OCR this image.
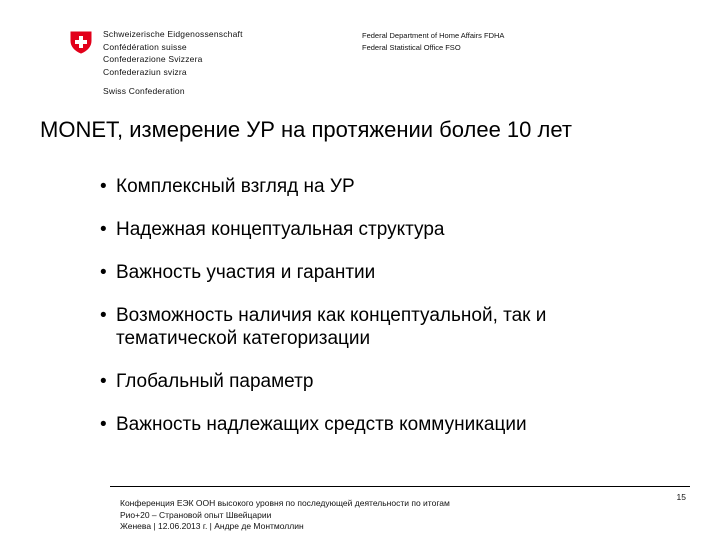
Schweizerische Eidgenossenschaft
Confédération suisse
Confederazione Svizzera
Confederaziun svizra
Swiss Confederation
Federal Department of Home Affairs FDHA
Federal Statistical Office FSO
MONET, измерение УР на протяжении более 10 лет
• Комплексный взгляд на УР
• Надежная концептуальная структура
• Важность участия и гарантии
• Возможность наличия как концептуальной, так и тематической категоризации
• Глобальный параметр
• Важность надлежащих средств коммуникации
Конференция ЕЭК ООН высокого уровня по последующей деятельности по итогам
Рио+20 – Страновой опыт Швейцарии
Женева | 12.06.2013 г. | Андре де Монтмоллин
15
